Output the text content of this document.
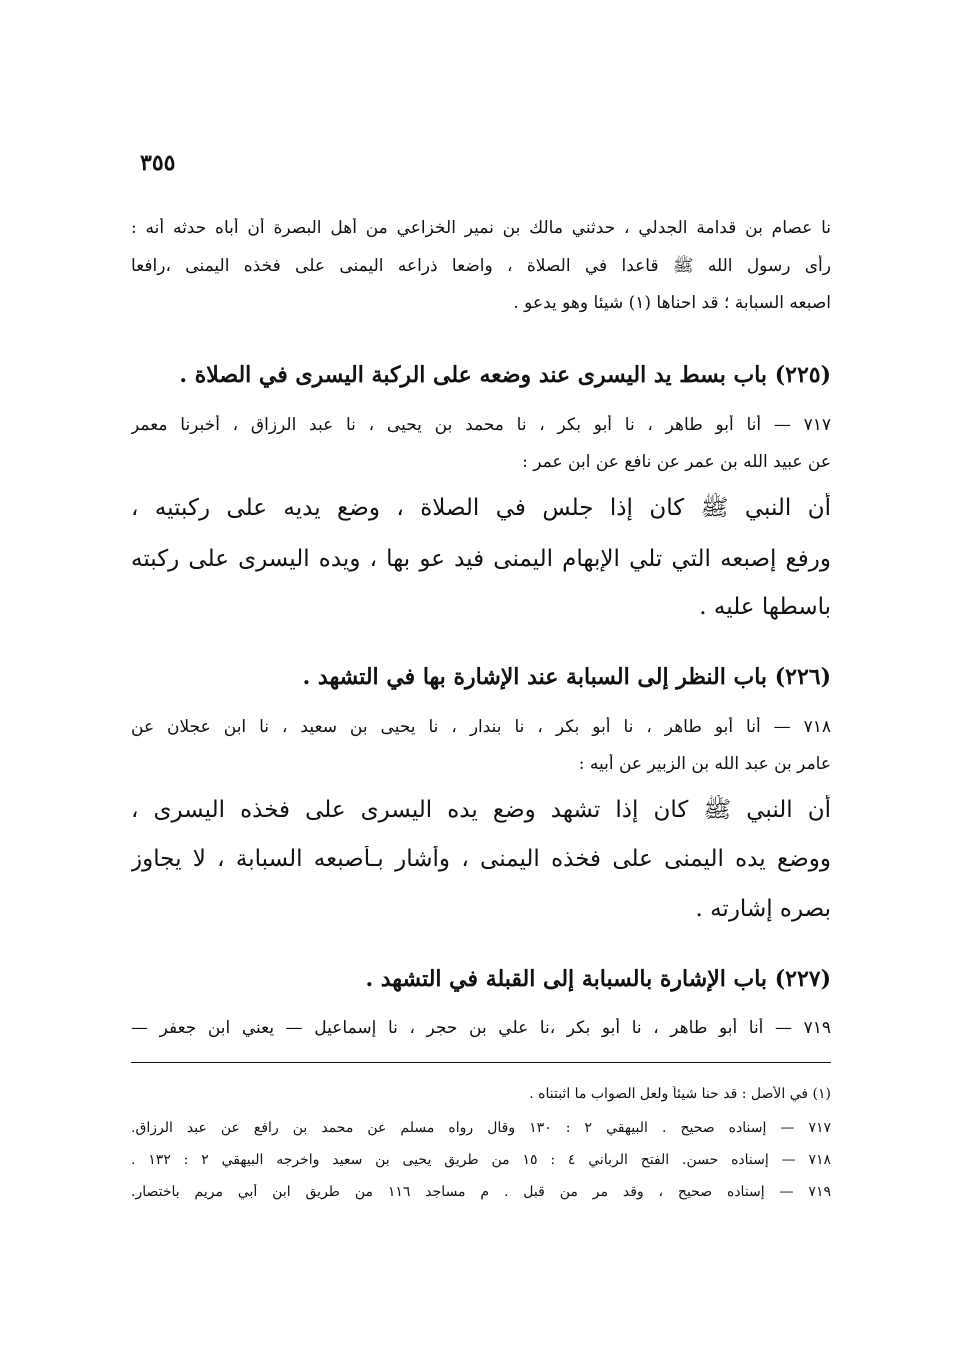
٣٥٥
نا عصام بن قدامة الجدلي ، حدثني مالك بن نمير الخزاعي من أهل البصرة أن أباه حدثه أنه :
رأى رسول الله ﷺ قاعدا في الصلاة ، واضعا ذراعه اليمنى على فخذه اليمنى ،رافعا
اصبعه السبابة ؛ قد احناها (١) شيئا وهو يدعو .
(٢٢٥) باب بسط يد اليسرى عند وضعه على الركبة اليسرى في الصلاة .
٧١٧ — أنا أبو طاهر ، نا أبو بكر ، نا محمد بن يحيى ، نا عبد الرزاق ، أخبرنا معمر
عن عبيد الله بن عمر عن نافع عن ابن عمر :
أن النبي ﷺ كان إذا جلس في الصلاة ، وضع يديه على ركبتيه ،
ورفع إصبعه التي تلي الإبهام اليمنى فيد عو بها ، ويده اليسرى على ركبته
باسطها عليه .
(٢٢٦) باب النظر إلى السبابة عند الإشارة بها في التشهد .
٧١٨ — أنا أبو طاهر ، نا أبو بكر ، نا بندار ، نا يحيى بن سعيد ، نا ابن عجلان عن
عامر بن عبد الله بن الزبير عن أبيه :
أن النبي ﷺ كان إذا تشهد وضع يده اليسرى على فخذه اليسرى ،
ووضع يده اليمنى على فخذه اليمنى ، وأشار بـأُصبعه السبابة ، لا يجاوز
بصره إشارته .
(٢٢٧) باب الإشارة بالسبابة إلى القبلة في التشهد .
٧١٩ — أنا أبو طاهر ، نا أبو بكر ،نا علي بن حجر ، نا إسماعيل — يعني ابن جعفر —
(١) في الأصل : قد حنا شيئاً ولعل الصواب ما اثبتناه .
٧١٧ — إسناده صحيح . البيهقي ٢ : ١٣٠ وقال رواه مسلم عن محمد بن رافع عن عبد الرزاق.
٧١٨ — إسناده حسن. الفتح الرباني ٤ : ١٥ من طريق يحيى بن سعيد واخرجه البيهقي ٢ : ١٣٢ .
٧١٩ — إسناده صحيح ، وقد مر من قبل . م مساجد ١١٦ من طريق ابن أبي مريم باختصار.
